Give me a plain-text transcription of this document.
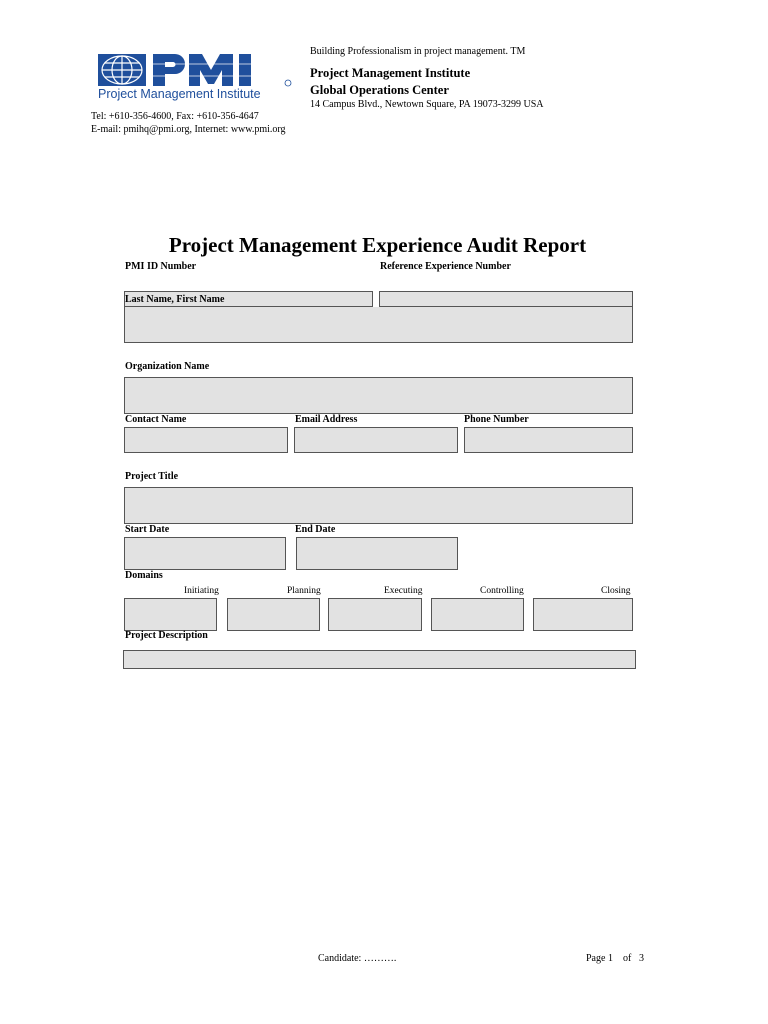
Project Management Institute
Tel: +610-356-4600, Fax: +610-356-4647
E-mail: pmihq@pmi.org, Internet: www.pmi.org
Building Professionalism in project management. TM
Project Management Institute
Global Operations Center
14 Campus Blvd., Newtown Square, PA 19073-3299 USA
Project Management Experience Audit Report
PMI ID Number	Reference Experience Number
Last Name, First Name
Organization Name
Contact Name	Email Address	Phone Number
Project Title
Start Date	End Date
Domains
Initiating	Planning	Executing	Controlling	Closing
Project Description
Candidate: ……….	Page 1 of 3
